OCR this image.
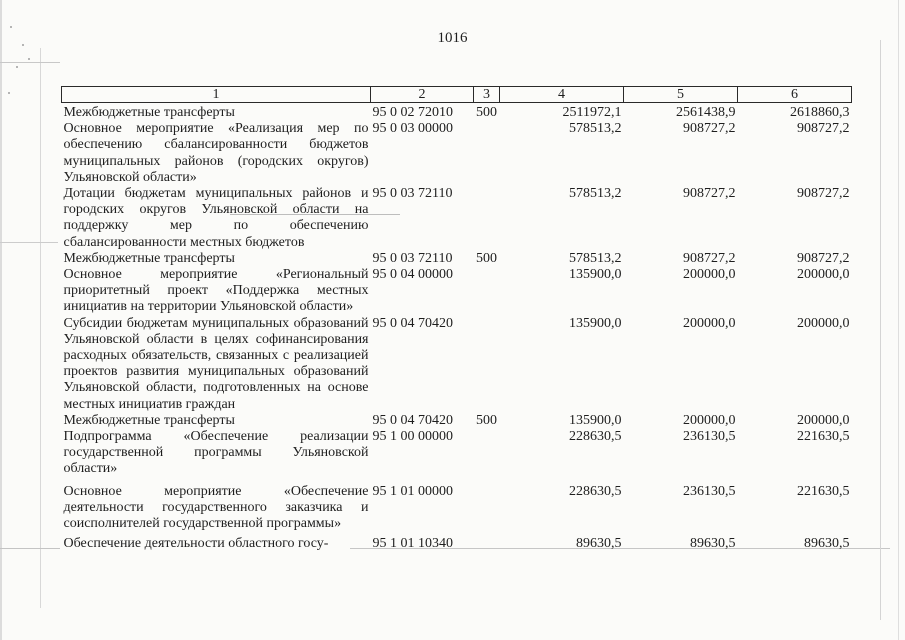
1016
1	2	3	4	5	6

Межбюджетные трансферты	95 0 02 72010	500	2511972,1	2561438,9	2618860,3
Основное мероприятие «Реализация мер по обеспечению сбалансированности бюджетов муниципальных районов (городских округов) Ульяновской области»	95 0 03 00000		578513,2	908727,2	908727,2
Дотации бюджетам муниципальных районов и городских округов Ульяновской области на поддержку мер по обеспечению сбалансированности местных бюджетов	95 0 03 72110		578513,2	908727,2	908727,2
Межбюджетные трансферты	95 0 03 72110	500	578513,2	908727,2	908727,2
Основное мероприятие «Региональный приоритетный проект «Поддержка местных инициатив на территории Ульяновской области»	95 0 04 00000		135900,0	200000,0	200000,0
Субсидии бюджетам муниципальных образований Ульяновской области в целях софинансирования расходных обязательств, связанных с реализацией проектов развития муниципальных образований Ульяновской области, подготовленных на основе местных инициатив граждан	95 0 04 70420		135900,0	200000,0	200000,0
Межбюджетные трансферты	95 0 04 70420	500	135900,0	200000,0	200000,0
Подпрограмма «Обеспечение реализации государственной программы Ульяновской области»	95 1 00 00000		228630,5	236130,5	221630,5

Основное мероприятие «Обеспечение деятельности государственного заказчика и соисполнителей государственной программы»	95 1 01 00000		228630,5	236130,5	221630,5

Обеспечение деятельности областного госу-	95 1 01 10340		89630,5	89630,5	89630,5
